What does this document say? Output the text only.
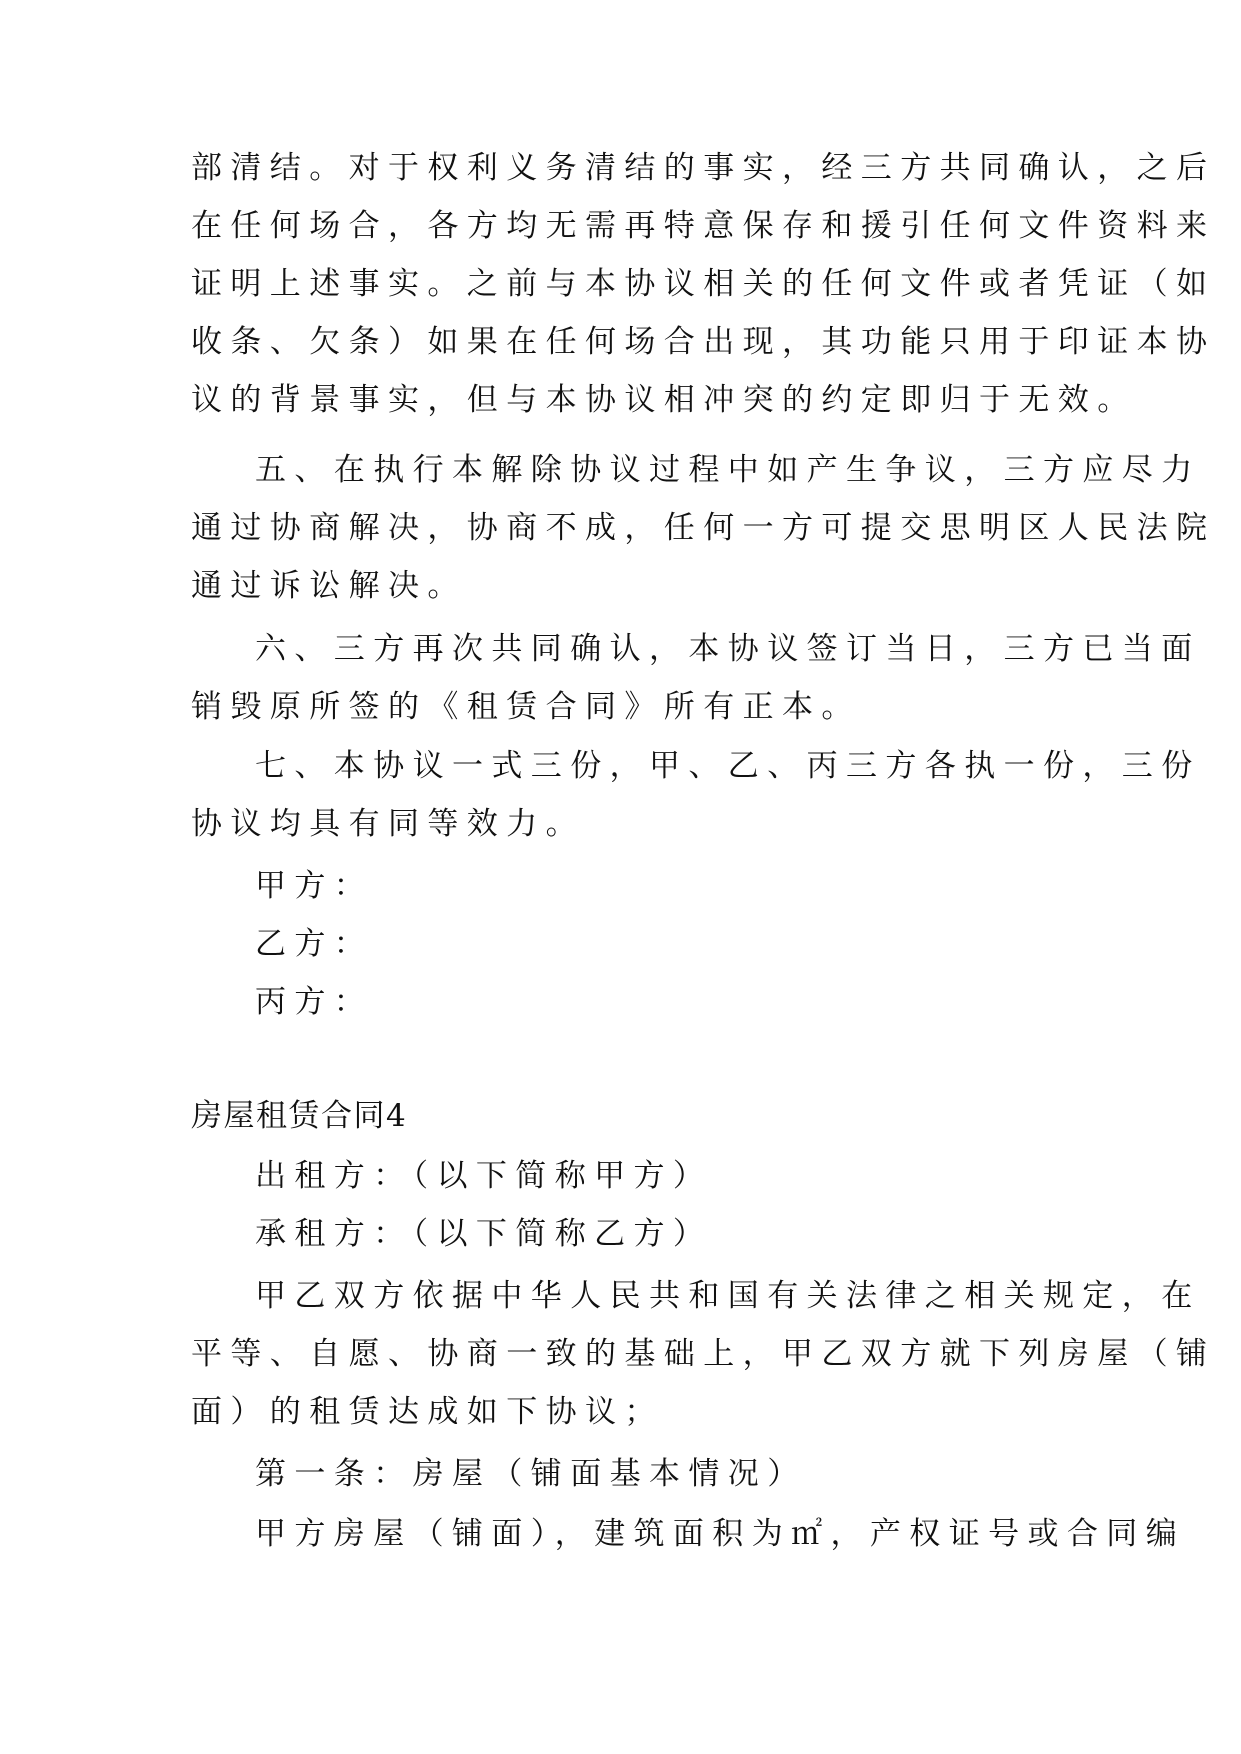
部清结。对于权利义务清结的事实，经三方共同确认，之后
在任何场合，各方均无需再特意保存和援引任何文件资料来
证明上述事实。之前与本协议相关的任何文件或者凭证（如
收条、欠条）如果在任何场合出现，其功能只用于印证本协
议的背景事实，但与本协议相冲突的约定即归于无效。
五、在执行本解除协议过程中如产生争议，三方应尽力
通过协商解决，协商不成，任何一方可提交思明区人民法院
通过诉讼解决。
六、三方再次共同确认，本协议签订当日，三方已当面
销毁原所签的《租赁合同》所有正本。
七、本协议一式三份，甲、乙、丙三方各执一份，三份
协议均具有同等效力。
甲方：
乙方：
丙方：
房屋租赁合同4
出租方：（以下简称甲方）
承租方：（以下简称乙方）
甲乙双方依据中华人民共和国有关法律之相关规定，在
平等、自愿、协商一致的基础上，甲乙双方就下列房屋（铺
面）的租赁达成如下协议；
第一条：房屋（铺面基本情况）
甲方房屋（铺面），建筑面积为㎡，产权证号或合同编
